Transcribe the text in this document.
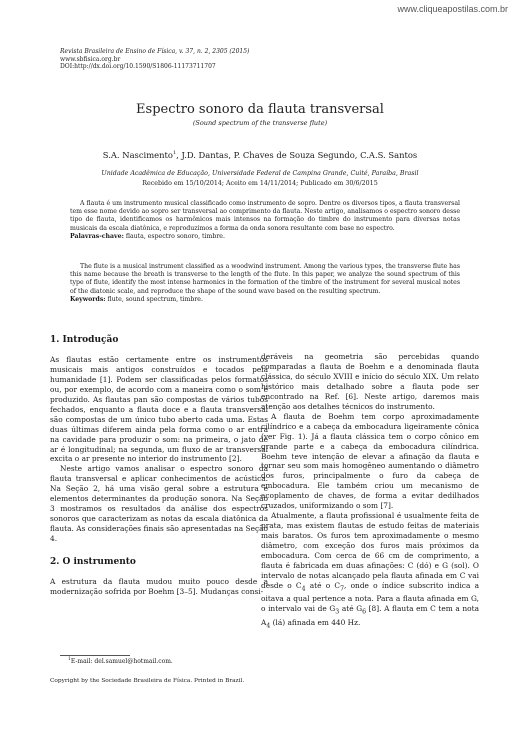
www.cliqueapostilas.com.br
Revista Brasileira de Ensino de Física, v. 37, n. 2, 2305 (2015)
www.sbfisica.org.br
DOI:http://dx.doi.org/10.1590/S1806-11173711707
Espectro sonoro da flauta transversal
(Sound spectrum of the transverse flute)
S.A. Nascimento$^1$, J.D. Dantas, P. Chaves de Souza Segundo, C.A.S. Santos
Unidade Acadêmica de Educação, Universidade Federal de Campina Grande, Cuité, Paraíba, Brasil
Recebido em 15/10/2014; Aceito em 14/11/2014; Publicado em 30/6/2015
A flauta é um instrumento musical classificado como instrumento de sopro. Dentre os diversos tipos, a flauta transversal tem esse nome devido ao sopro ser transversal ao comprimento da flauta. Neste artigo, analisamos o espectro sonoro desse tipo de flauta, identificamos os harmônicos mais intensos na formação do timbre do instrumento para diversas notas musicais da escala diatônica, e reproduzimos a forma da onda sonora resultante com base no espectro.
Palavras-chave: flauta, espectro sonoro, timbre.
The flute is a musical instrument classified as a woodwind instrument. Among the various types, the transverse flute has this name because the breath is transverse to the length of the flute. In this paper, we analyze the sound spectrum of this type of flute, identify the most intense harmonics in the formation of the timbre of the instrument for several musical notes of the diatonic scale, and reproduce the shape of the sound wave based on the resulting spectrum.
Keywords: flute, sound spectrum, timbre.
1. Introdução

As flautas estão certamente entre os instrumentos musicais mais antigos construídos e tocados pela humanidade [1]. Podem ser classificadas pelos formatos ou, por exemplo, de acordo com a maneira como o som é produzido. As flautas pan são compostas de vários tubos fechados, enquanto a flauta doce e a flauta transversal são compostas de um único tubo aberto cada uma. Estas duas últimas diferem ainda pela forma como o ar entra na cavidade para produzir o som: na primeira, o jato de ar é longitudinal; na segunda, um fluxo de ar transversal excita o ar presente no interior do instrumento [2].

Neste artigo vamos analisar o espectro sonoro da flauta transversal e aplicar conhecimentos de acústica. Na Seção 2, há uma visão geral sobre a estrutura e elementos determinantes da produção sonora. Na Seção 3 mostramos os resultados da análise dos espectros sonoros que caracterizam as notas da escala diatônica da flauta. As considerações finais são apresentadas na Seção 4.

2. O instrumento

A estrutura da flauta mudou muito pouco desde a modernização sofrida por Boehm [3–5]. Mudanças consi-

deráveis na geometria são percebidas quando comparadas a flauta de Boehm e a denominada flauta clássica, do século XVIII e início do século XIX. Um relato histórico mais detalhado sobre a flauta pode ser encontrado na Ref. [6]. Neste artigo, daremos mais atenção aos detalhes técnicos do instrumento.

A flauta de Boehm tem corpo aproximadamente cilíndrico e a cabeça da embocadura ligeiramente cônica (ver Fig. 1). Já a flauta clássica tem o corpo cônico em grande parte e a cabeça da embocadura cilíndrica. Boehm teve intenção de elevar a afinação da flauta e tornar seu som mais homogêneo aumentando o diâmetro dos furos, principalmente o furo da cabeça de embocadura. Ele também criou um mecanismo de acoplamento de chaves, de forma a evitar dedilhados cruzados, uniformizando o som [7].

Atualmente, a flauta profissional é usualmente feita de prata, mas existem flautas de estudo feitas de materiais mais baratos. Os furos tem aproximadamente o mesmo diâmetro, com exceção dos furos mais próximos da embocadura. Com cerca de 66 cm de comprimento, a flauta é fabricada em duas afinações: C (dó) e G (sol). O intervalo de notas alcançado pela flauta afinada em C vai desde o $C_4$ até o $C_7$, onde o índice subscrito indica a oitava a qual pertence a nota. Para a flauta afinada em G, o intervalo vai de $G_3$ até $G_6$ [8]. A flauta em C tem a nota $A_4$ (lá) afinada em 440 Hz.

$^1$E-mail: del.samuel@hotmail.com.
Copyright by the Sociedade Brasileira de Física. Printed in Brazil.
